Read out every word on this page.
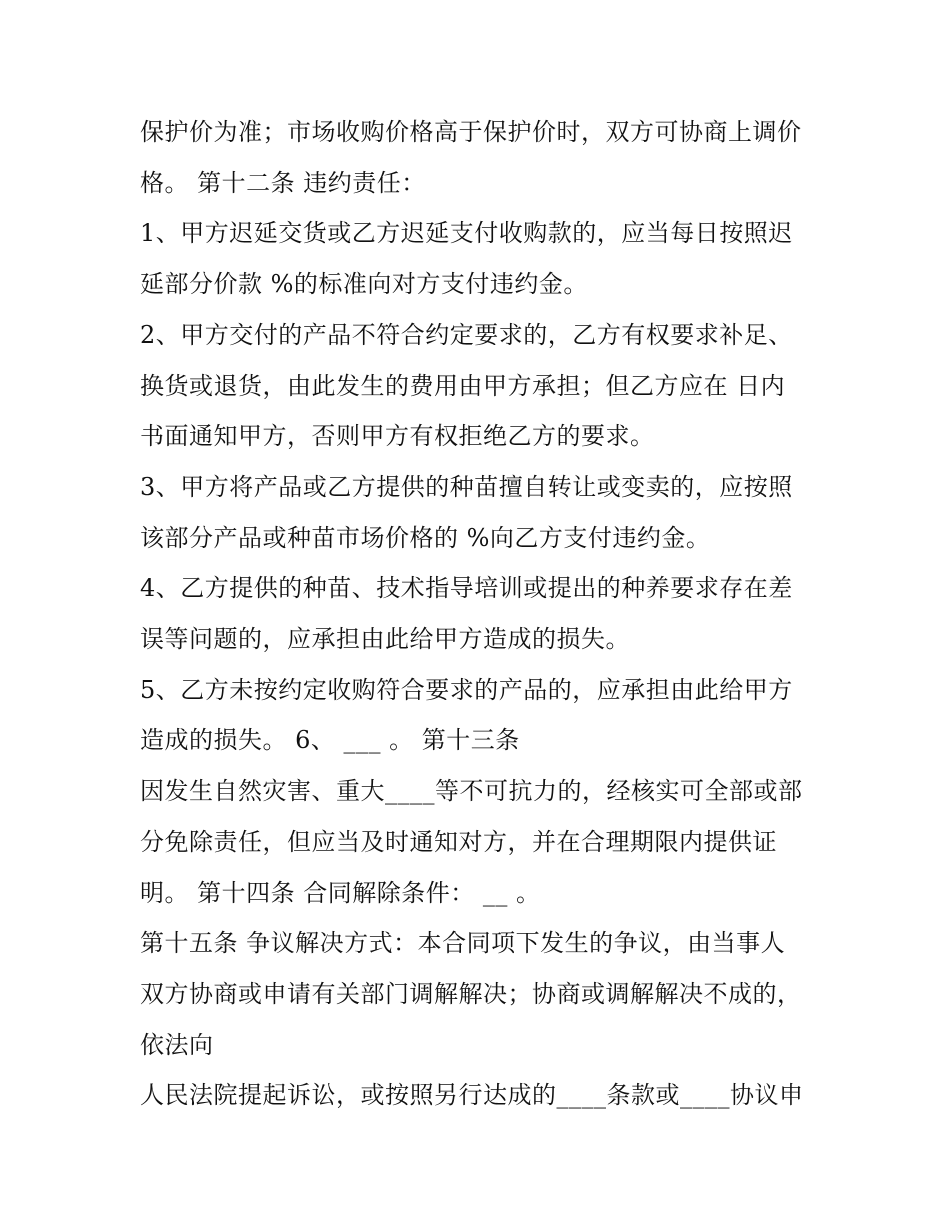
保护价为准；市场收购价格高于保护价时，双方可协商上调价
格。 第十二条 违约责任：
1、甲方迟延交货或乙方迟延支付收购款的，应当每日按照迟
延部分价款 %的标准向对方支付违约金。
2、甲方交付的产品不符合约定要求的，乙方有权要求补足、
换货或退货，由此发生的费用由甲方承担；但乙方应在 日内
书面通知甲方，否则甲方有权拒绝乙方的要求。
3、甲方将产品或乙方提供的种苗擅自转让或变卖的，应按照
该部分产品或种苗市场价格的 %向乙方支付违约金。
4、乙方提供的种苗、技术指导培训或提出的种养要求存在差
误等问题的，应承担由此给甲方造成的损失。
5、乙方未按约定收购符合要求的产品的，应承担由此给甲方
造成的损失。 6、 ___ 。 第十三条
因发生自然灾害、重大____等不可抗力的，经核实可全部或部
分免除责任，但应当及时通知对方，并在合理期限内提供证
明。 第十四条 合同解除条件： __ 。
第十五条 争议解决方式：本合同项下发生的争议，由当事人
双方协商或申请有关部门调解解决；协商或调解解决不成的，
依法向
人民法院提起诉讼，或按照另行达成的____条款或____协议申
